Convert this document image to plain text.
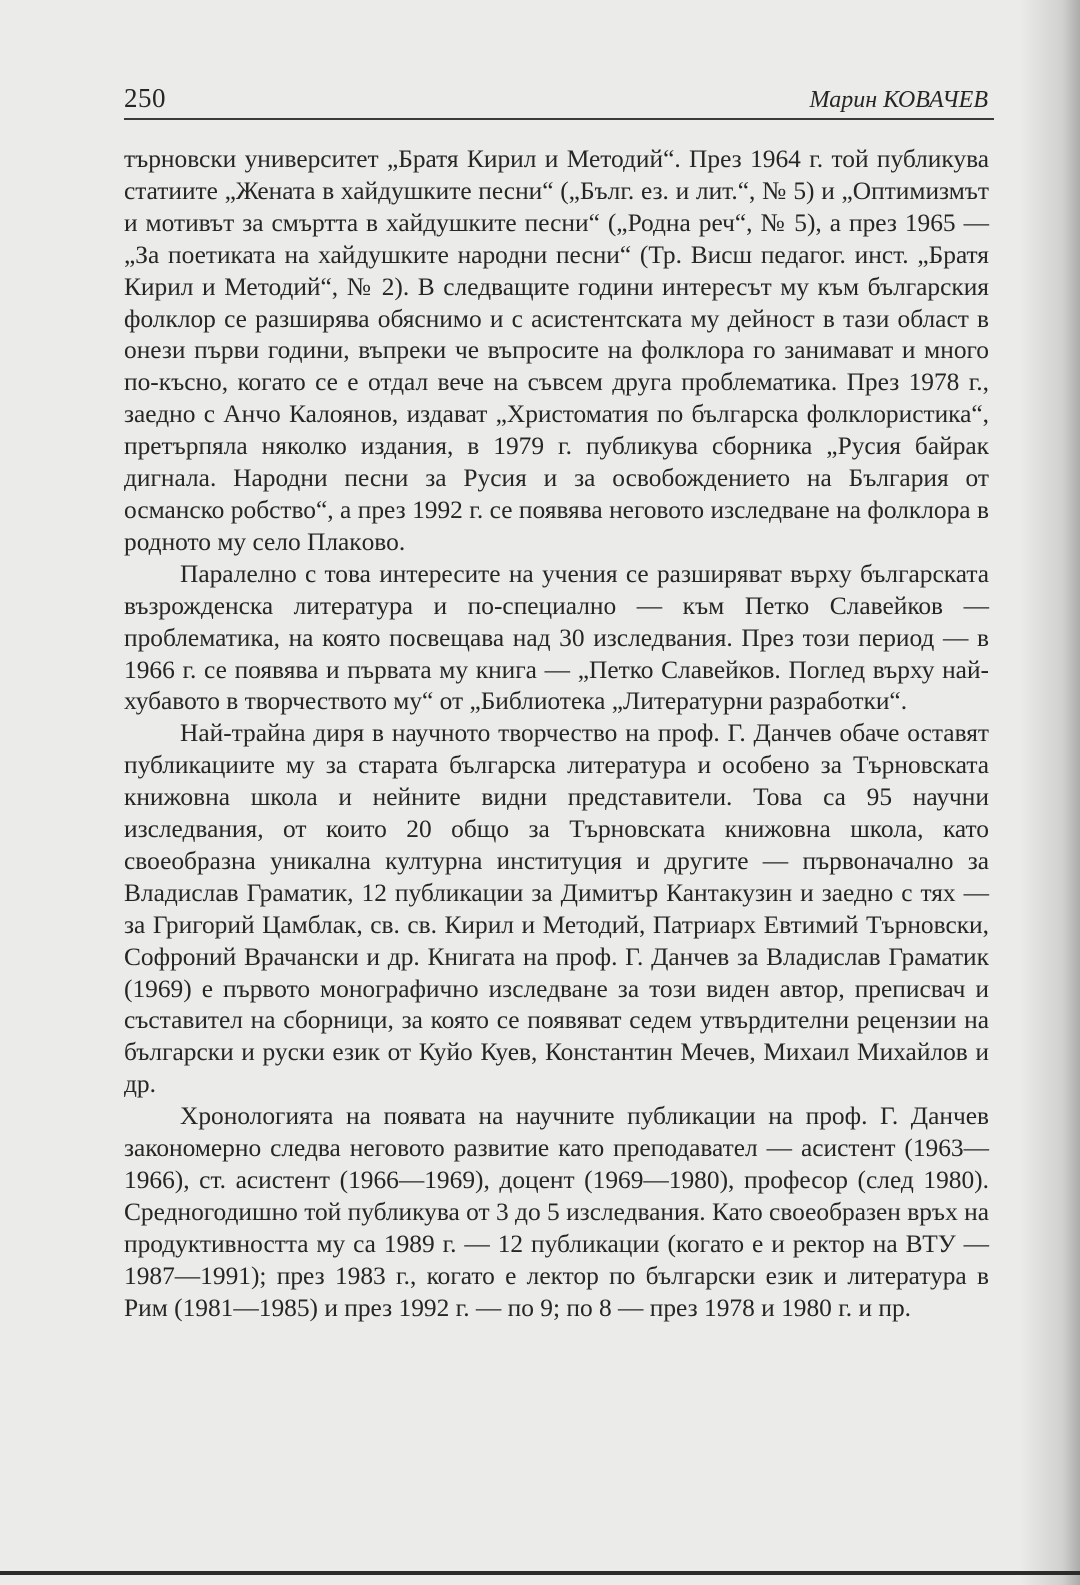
250	Марин КОВАЧЕВ

търновски университет „Братя Кирил и Методий“. През 1964 г. той публикува статиите „Жената в хайдушките песни“ („Бълг. ез. и лит.“, № 5) и „Оптимизмът и мотивът за смъртта в хайдушките песни“ („Родна реч“, № 5), а през 1965 — „За поетиката на хайдушките народни песни“ (Тр. Висш педагог. инст. „Братя Кирил и Методий“, № 2). В следващите години интересът му към българския фолклор се разширява обяснимо и с асистентската му дейност в тази област в онези първи години, въпреки че въпросите на фолклора го занимават и много по-късно, когато се е отдал вече на съвсем друга проблематика. През 1978 г., заедно с Анчо Калоянов, издават „Христоматия по българска фолклористика“, претърпяла няколко издания, в 1979 г. публикува сборника „Русия байрак дигнала. Народни песни за Русия и за освобождението на България от османско робство“, а през 1992 г. се появява неговото изследване на фолклора в родното му село Плакoво.

Паралелно с това интересите на учения се разширяват върху българската възрожденска литература и по-специално — към Петко Славейков — проблематика, на която посвещава над 30 изследвания. През този период — в 1966 г. се появява и първата му книга — „Петко Славейков. Поглед върху най-хубавото в творчеството му“ от „Библиотека „Литературни разработки“.

Най-трайна диря в научното творчество на проф. Г. Данчев обаче оставят публикациите му за старата българска литература и особено за Търновската книжовна школа и нейните видни представители. Това са 95 научни изследвания, от които 20 общо за Търновската книжовна школа, като своеобразна уникална културна институция и другите — първоначално за Владислав Граматик, 12 публикации за Димитър Кантакузин и заедно с тях — за Григорий Цамблак, св. св. Кирил и Методий, Патриарх Евтимий Търновски, Софроний Врачански и др. Книгата на проф. Г. Данчев за Владислав Граматик (1969) е първото монографично изследване за този виден автор, преписвач и съставител на сборници, за която се появяват седем утвърдителни рецензии на български и руски език от Куйо Куев, Константин Мечев, Михаил Михайлов и др.

Хронологията на появата на научните публикации на проф. Г. Данчев закономерно следва неговото развитие като преподавател — асистент (1963—1966), ст. асистент (1966—1969), доцент (1969—1980), професор (след 1980). Средногодишно той публикува от 3 до 5 изследвания. Като своеобразен връх на продуктивността му са 1989 г. — 12 публикации (когато е и ректор на ВТУ — 1987—1991); през 1983 г., когато е лектор по български език и литература в Рим (1981—1985) и през 1992 г. — по 9; по 8 — през 1978 и 1980 г. и пр.
